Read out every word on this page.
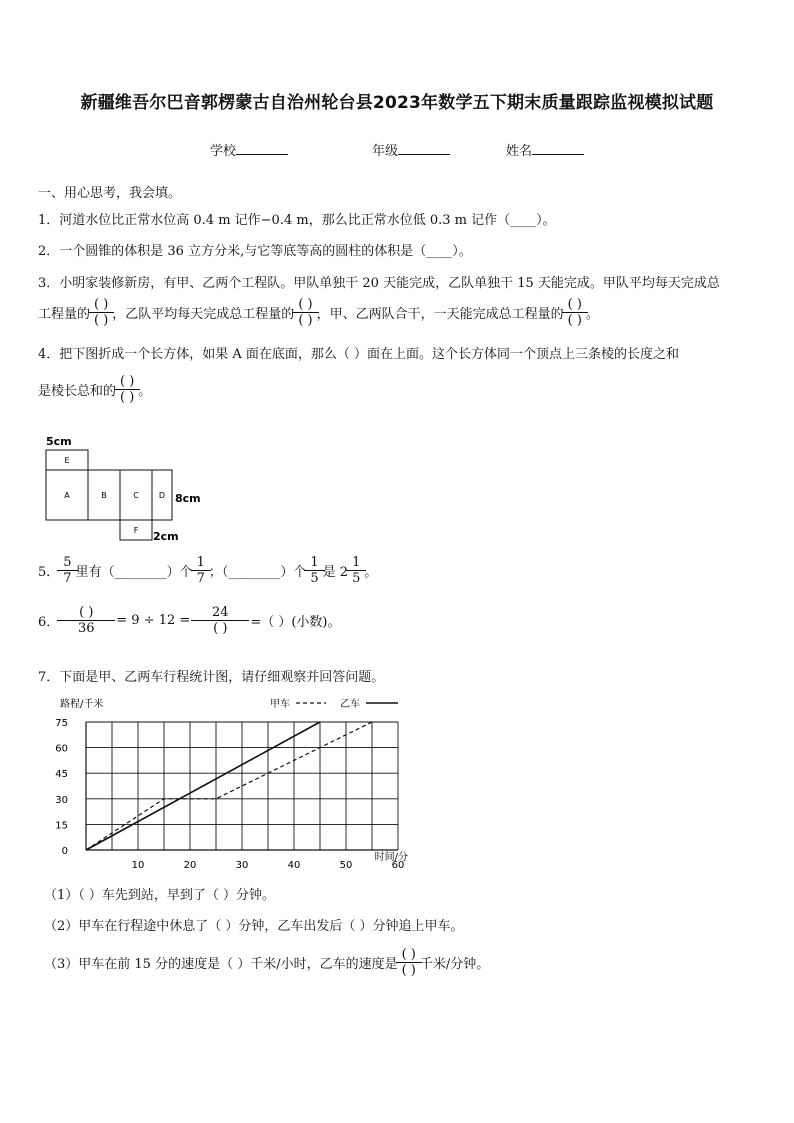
新疆维吾尔巴音郭楞蒙古自治州轮台县2023年数学五下期末质量跟踪监视模拟试题
学校	年级	姓名
一、用心思考，我会填。
1．河道水位比正常水位高 0.4 m 记作−0.4 m，那么比正常水位低 0.3 m 记作（____）。
2．一个圆锥的体积是 36 立方分米,与它等底等高的圆柱的体积是（____）。
3．小明家装修新房，有甲、乙两个工程队。甲队单独干 20 天能完成，乙队单独干 15 天能完成。甲队平均每天完成总
工程量的 $\frac{( )}{( )}$ ，乙队平均每天完成总工程量的 $\frac{( )}{( )}$ ，甲、乙两队合干，一天能完成总工程量的 $\frac{( )}{( )}$ 。
4．把下图折成一个长方体，如果 A 面在底面，那么（ ）面在上面。这个长方体同一个顶点上三条棱的长度之和
是棱长总和的 $\frac{( )}{( )}$ 。
5cm
E
A	B	C	D
F
8cm
2cm
5． $\frac{5}{7}$ 里有（________）个 $\frac{1}{7}$ ；（________）个 $\frac{1}{5}$ 是 $2 \frac{1}{5}$ 。
6． $\frac{( )}{36} = 9 \div 12 = \frac{24}{( )}$ =（ ）(小数)。
7．下面是甲、乙两车行程统计图，请仔细观察并回答问题。
路程/千米
时间/分
甲车	乙车
0
15
30
45
60
75
10	20	30	40	50	60
（1）（ ）车先到站，早到了（ ）分钟。
（2）甲车在行程途中休息了（ ）分钟，乙车出发后（ ）分钟追上甲车。
（3）甲车在前 15 分的速度是（ ）千米/小时，乙车的速度是 $\frac{( )}{( )}$ 千米/分钟。
